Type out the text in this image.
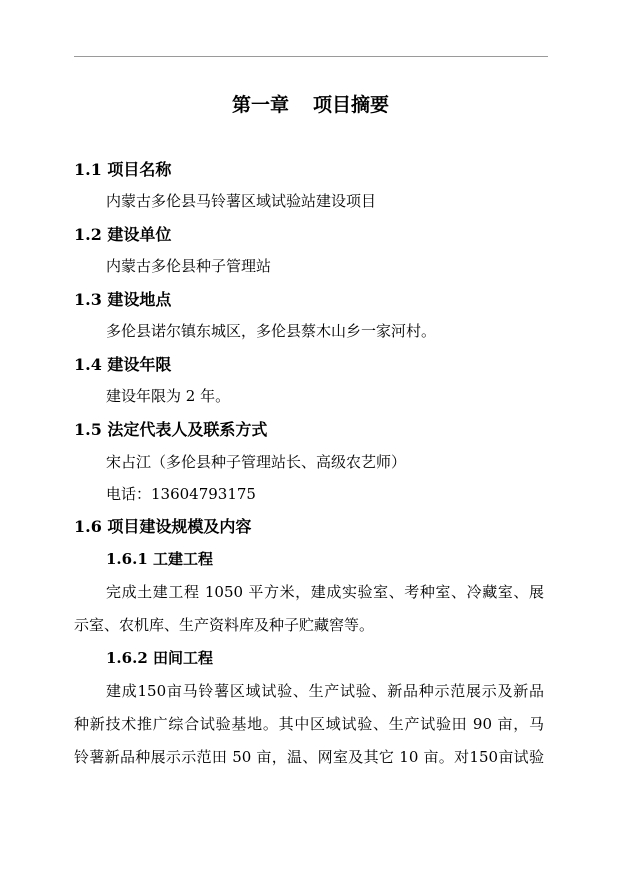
第一章 项目摘要
1.1 项目名称
内蒙古多伦县马铃薯区域试验站建设项目
1.2 建设单位
内蒙古多伦县种子管理站
1.3 建设地点
多伦县诺尔镇东城区，多伦县蔡木山乡一家河村。
1.4 建设年限
建设年限为 2 年。
1.5 法定代表人及联系方式
宋占江（多伦县种子管理站长、高级农艺师）
电话：13604793175
1.6 项目建设规模及内容
1.6.1 工建工程
完成土建工程 1050 平方米，建成实验室、考种室、冷藏室、展
示室、农机库、生产资料库及种子贮藏窖等。
1.6.2 田间工程
建成150亩马铃薯区域试验、生产试验、新品种示范展示及新品
种新技术推广综合试验基地。其中区域试验、生产试验田 90 亩，马
铃薯新品种展示示范田 50 亩，温、网室及其它 10 亩。对150亩试验
